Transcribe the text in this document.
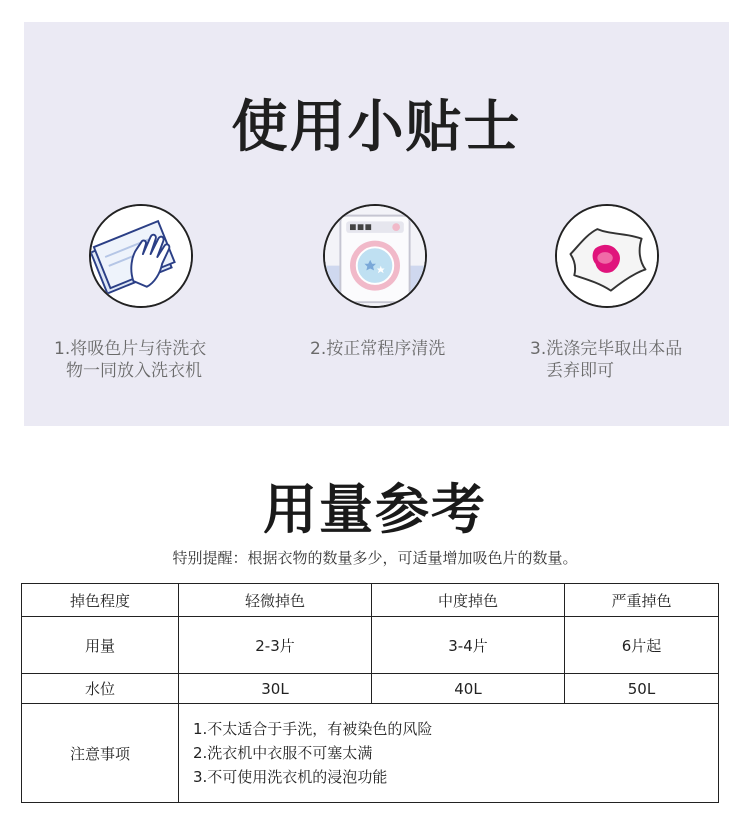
使用小贴士
1.将吸色片与待洗衣
物一同放入洗衣机
2.按正常程序清洗	3.洗涤完毕取出本品
丢弃即可
用量参考
特别提醒：根据衣物的数量多少，可适量增加吸色片的数量。
掉色程度	轻微掉色	中度掉色	严重掉色
用量	2-3片	3-4片	6片起
水位	30L	40L	50L
注意事项	1.不太适合于手洗，有被染色的风险
2.洗衣机中衣服不可塞太满
3.不可使用洗衣机的浸泡功能		
